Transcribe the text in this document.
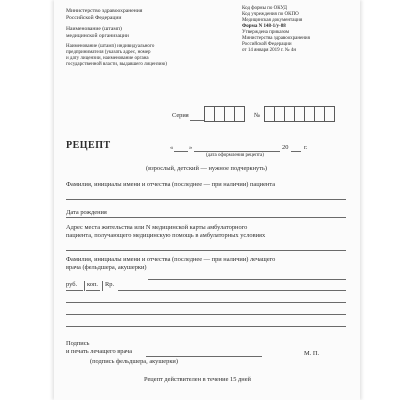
Министерство здравоохранения
Российской Федерации
Наименование (штамп)
медицинской организации
Наименование (штамп) индивидуального
предпринимателя (указать адрес, номер
и дату лицензии, наименование органа
государственной власти, выдавшего лицензию)
Код формы по ОКУД
Код учреждения по ОКПО
Медицинская документация
Форма N 148-1/у-88
Утверждена приказом
Министерства здравоохранения
Российской Федерации
от 14 января 2019 г. № 4н
Серия	№
РЕЦЕПТ	« »	20 г.
(дата оформления рецепта)
(взрослый, детский — нужное подчеркнуть)
Фамилия, инициалы имени и отчества (последнее — при наличии) пациента
Дата рождения
Адрес места жительства или N медицинской карты амбулаторного
пациента, получающего медицинскую помощь в амбулаторных условиях
Фамилия, инициалы имени и отчества (последнее — при наличии) лечащего
врача (фельдшера, акушерки)
руб. коп. Rp.
Подпись
и печать лечащего врача
(подпись фельдшера, акушерки)
М. П.
Рецепт действителен в течение 15 дней
